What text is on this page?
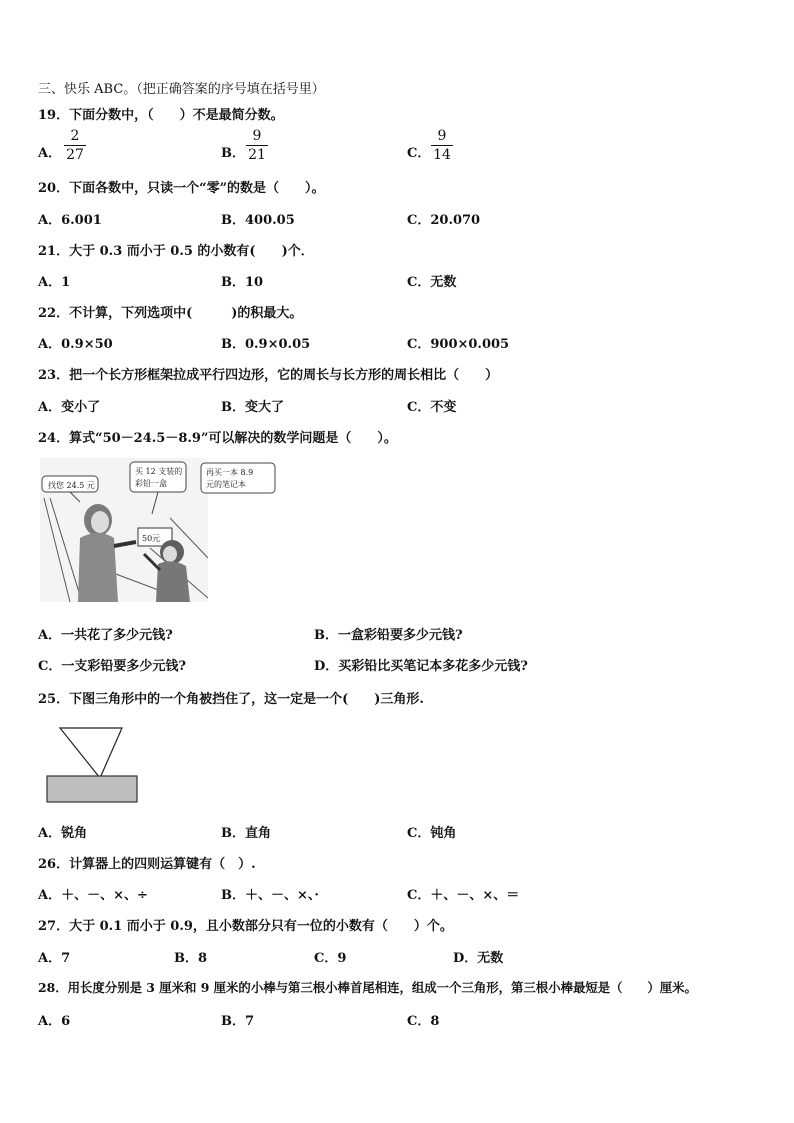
三、快乐 ABC。（把正确答案的序号填在括号里）
19．下面分数中，（　　）不是最简分数。
A．
2
27	B．
9
21	C．
9
14
20．下面各数中，只读一个“零”的数是（　　）。
A．6.001	B．400.05	C．20.070
21．大于 0.3 而小于 0.5 的小数有(　　)个．
A．1	B．10	C．无数
22．不计算，下列选项中(　　　)的积最大。
A．0.9×50	B．0.9×0.05	C．900×0.005
23．把一个长方形框架拉成平行四边形，它的周长与长方形的周长相比（　　）
A．变小了	B．变大了	C．不变
24．算式“50－24.5－8.9”可以解决的数学问题是（　　）。
找您 24.5 元
买 12 支装的
彩铅一盒
50元
再买一本 8.9
元的笔记本
A．一共花了多少元钱?	B．一盒彩铅要多少元钱?
C．一支彩铅要多少元钱?	D．买彩铅比买笔记本多花多少元钱?
25．下图三角形中的一个角被挡住了，这一定是一个(　　)三角形.
A．锐角	B．直角	C．钝角
26．计算器上的四则运算键有（　）.
A．＋、－、×、÷	B．＋、－、×、·	C．＋、－、×、＝
27．大于 0.1 而小于 0.9，且小数部分只有一位的小数有（　　）个。
A．7	B．8	C．9	D．无数
28．用长度分别是 3 厘米和 9 厘米的小棒与第三根小棒首尾相连，组成一个三角形，第三根小棒最短是（　　）厘米。
A．6	B．7	C．8
